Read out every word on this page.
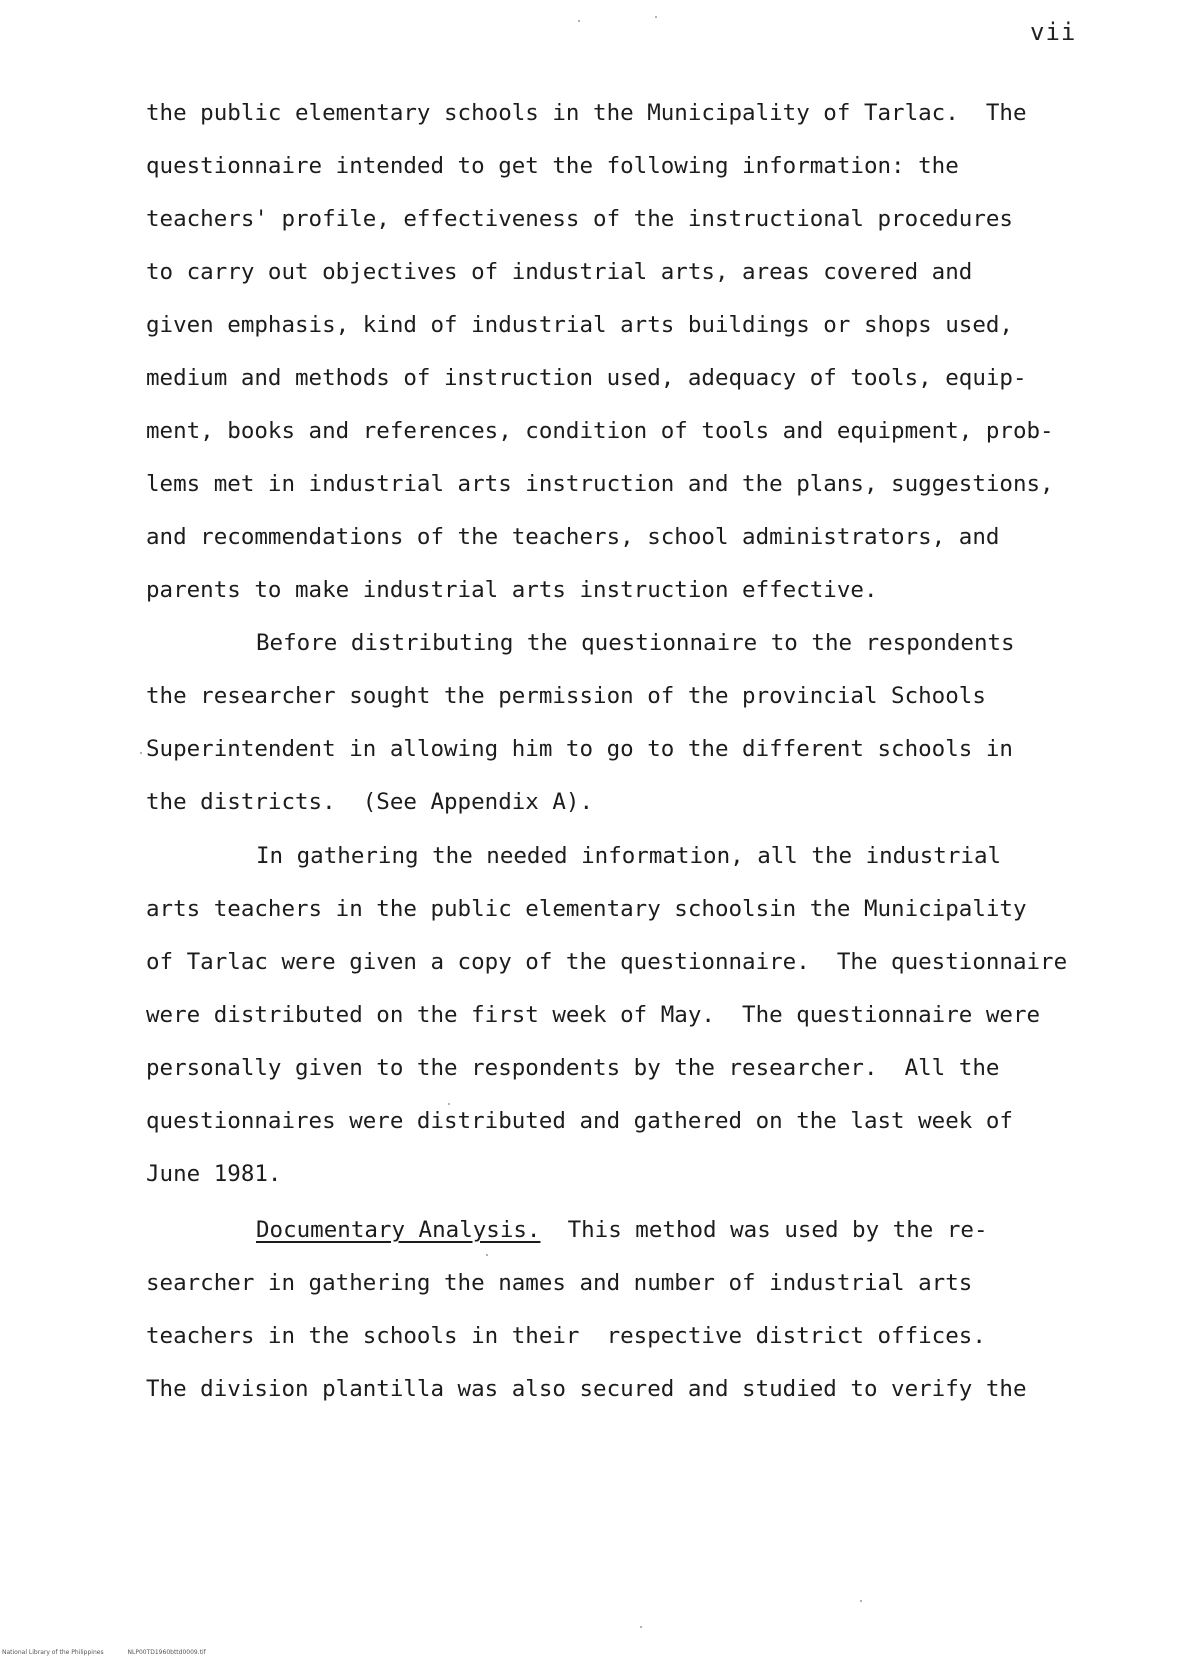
vii
the public elementary schools in the Municipality of Tarlac.  The
questionnaire intended to get the following information: the
teachers' profile, effectiveness of the instructional procedures
to carry out objectives of industrial arts, areas covered and
given emphasis, kind of industrial arts buildings or shops used,
medium and methods of instruction used, adequacy of tools, equip-
ment, books and references, condition of tools and equipment, prob-
lems met in industrial arts instruction and the plans, suggestions,
and recommendations of the teachers, school administrators, and
parents to make industrial arts instruction effective.
Before distributing the questionnaire to the respondents
the researcher sought the permission of the provincial Schools
Superintendent in allowing him to go to the different schools in
the districts.  (See Appendix A).
In gathering the needed information, all the industrial
arts teachers in the public elementary schoolsin the Municipality
of Tarlac were given a copy of the questionnaire.  The questionnaire
were distributed on the first week of May.  The questionnaire were
personally given to the respondents by the researcher.  All the
questionnaires were distributed and gathered on the last week of
June 1981.
Documentary Analysis.  This method was used by the re-
searcher in gathering the names and number of industrial arts
teachers in the schools in their  respective district offices.
The division plantilla was also secured and studied to verify the
National Library of the Philippines	NLP00TD1960bttd0009.tif
